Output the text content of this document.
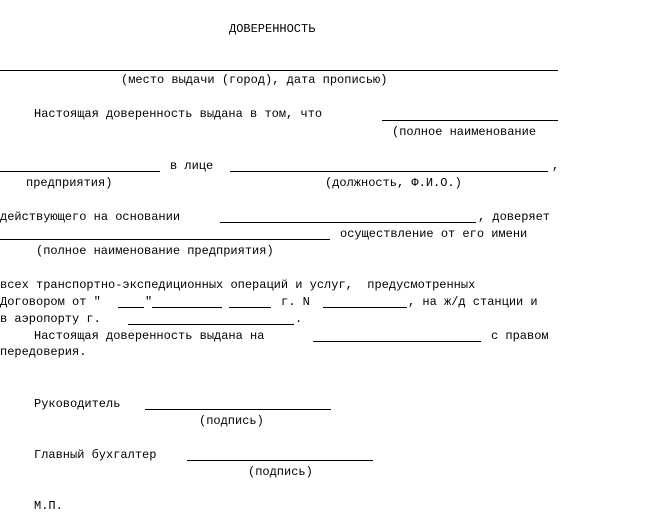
ДОВЕРЕННОСТЬ
(место выдачи (город), дата прописью)
Настоящая доверенность выдана в том, что
(полное наименование
в лице	,
предприятия)	(должность, Ф.И.О.)
действующего на основании	, доверяет
осуществление от его имени
(полное наименование предприятия)
всех транспортно-экспедиционных операций и услуг,  предусмотренных
Договором от "	"	г. N	, на ж/д станции и
в аэропорту г.	.
Настоящая доверенность выдана на	с правом
передоверия.
Руководитель
(подпись)
Главный бухгалтер
(подпись)
М.П.
